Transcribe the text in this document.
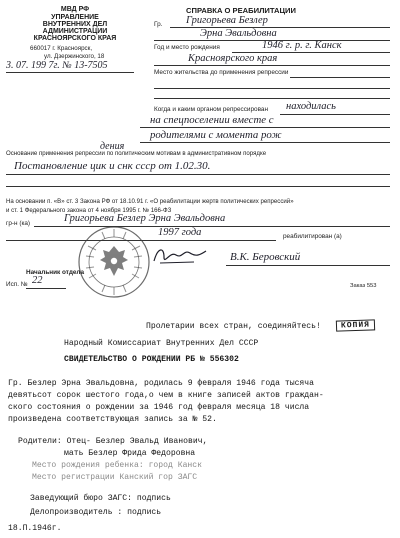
МВД РФ
УПРАВЛЕНИЕ
ВНУТРЕННИХ ДЕЛ
АДМИНИСТРАЦИИ
КРАСНОЯРСКОГО КРАЯ
660017 г. Красноярск,
ул. Дзержинского, 18
3. 07. 199 7г. № 13-7505
СПРАВКА О РЕАБИЛИТАЦИИ
Гр. Григорьева Безлер
Эрна Эвальдовна
Год и место рождения	1946 г. р. г. Канск
Красноярского края
Место жительства до применения репрессии
Когда и каким органом репрессирован находилась
на спецпоселении вместе с
родителями с момента рож
дения
Основание применения репрессии по политическим мотивам в административном порядке
Постановление цик и снк ссср от 1.02.30.
На основании п. «В» ст. 3 Закона РФ от 18.10.91 г. «О реабилитации жертв политических репрессий»
и ст. 1 Федерального закона от 4 ноября 1995 г. № 166-ФЗ
гр-н (ка)	Григорьева Безлер Эрна Эвальдовна
1997 года	реабилитирован (а)
Начальник отдела
В.К. Беровский
Исп. № 22	Заказ 553
Пролетарии всех стран, соединяйтесь!	КОПИЯ
Народный Комиссариат Внутренних Дел СССР
СВИДЕТЕЛЬСТВО О РОЖДЕНИИ РБ № 556302
Гр. Безлер Эрна Эвальдовна, родилась 9 февраля 1946 года тысяча
девятьсот сорок шестого года,о чем в книге записей актов граждан-
ского состояния о рождении за 1946 год февраля месяца 18 числа
произведена соответствующая запись за № 52.
Родители: Отец- Безлер Эвальд Иванович,
мать Безлер Фрида Федоровна
Место рождения ребенка: город Канск
Место регистрации Канский гор ЗАГС
Заведующий бюро ЗАГС: подпись
Делопроизводитель : подпись
18.П.1946г.
